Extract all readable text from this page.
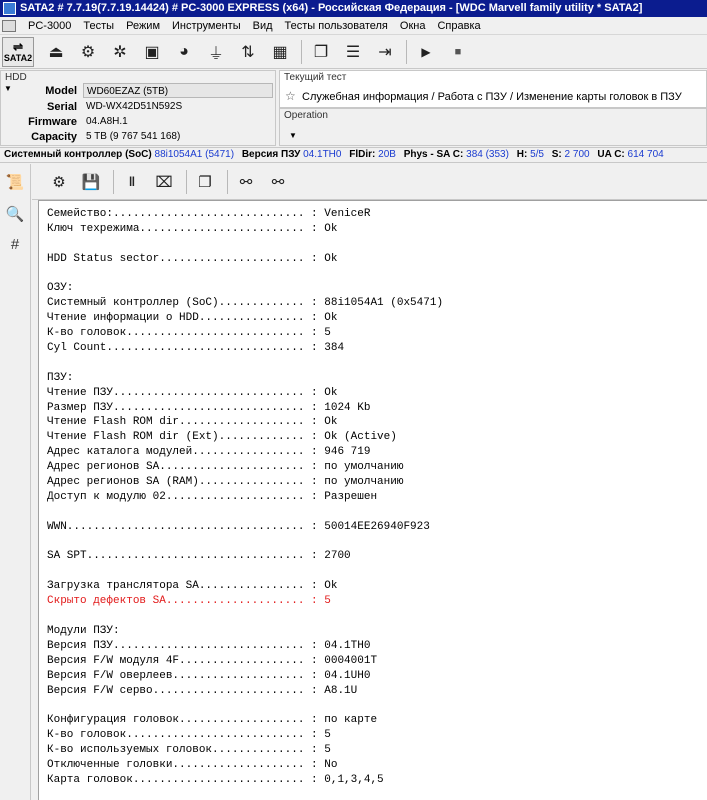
SATA2 # 7.7.19(7.7.19.14424) # PC-3000 EXPRESS (x64) - Российская Федерация - [WDC Marvell family utility * SATA2]
PC-3000	Тесты	Режим	Инструменты	Вид	Тесты пользователя	Окна	Справка
⇌
SATA2	⏏	⚙	✲	▣	◕	⏚	⇅	▦	❐	☰	⇥	▶	■
HDD
▼	Model	WD60EZAZ (5TB)
Serial WD-WX42D51N592S
Firmware 04.A8H.1
Capacity 5 TB (9 767 541 168)
Текущий тест
☆ Служебная информация / Работа с ПЗУ / Изменение карты головок в ПЗУ
Operation
▼
Системный контроллер (SoC) 88i1054A1 (5471) Версия ПЗУ 04.1TH0 FlDir: 20B Phys - SA C: 384 (353) H: 5/5 S: 2 700 UA C: 614 704
📜
🔍
#
⚙	💾	‖	⌧	❐	⚯	⚯
Семейство:............................. : VeniceR
Ключ техрежима......................... : Ok
HDD Status sector...................... : Ok
ОЗУ:
Системный контроллер (SoC)............. : 88i1054A1 (0x5471)
Чтение информации о HDD................ : Ok
К-во головок........................... : 5
Cyl Count.............................. : 384
ПЗУ:
Чтение ПЗУ............................. : Ok
Размер ПЗУ............................. : 1024 Kb
Чтение Flash ROM dir................... : Ok
Чтение Flash ROM dir (Ext)............. : Ok (Active)
Адрес каталога модулей................. : 946 719
Адрес регионов SA...................... : по умолчанию
Адрес регионов SA (RAM)................ : по умолчанию
Доступ к модулю 02..................... : Разрешен
WWN.................................... : 50014EE26940F923
SA SPT................................. : 2700
Загрузка транслятора SA................ : Ok
Скрыто дефектов SA..................... : 5
Модули ПЗУ:
Версия ПЗУ............................. : 04.1TH0
Версия F/W модуля 4F................... : 0004001T
Версия F/W оверлеев.................... : 04.1UH0
Версия F/W серво....................... : A8.1U
Конфигурация головок................... : по карте
К-во головок........................... : 5
К-во используемых головок.............. : 5
Отключенные головки.................... : No
Карта головок.......................... : 0,1,3,4,5
